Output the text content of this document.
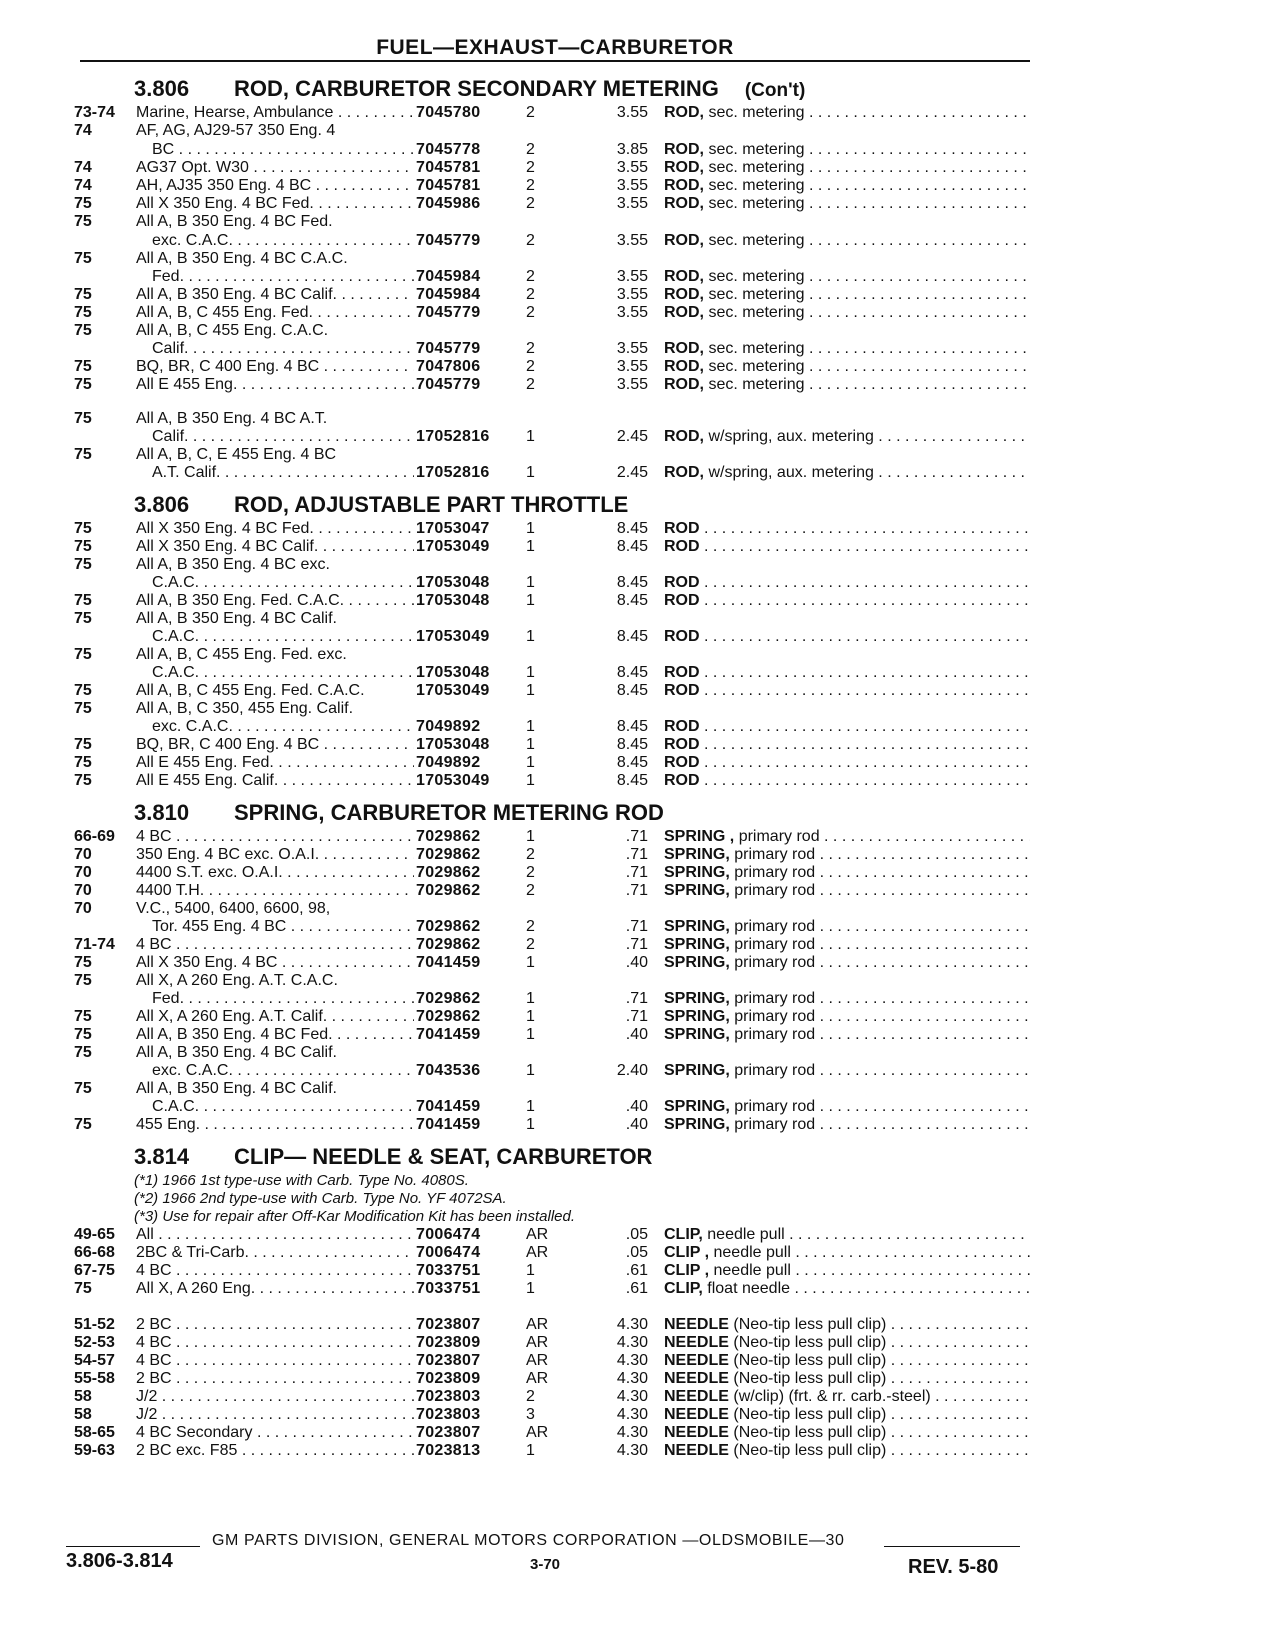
FUEL—EXHAUST—CARBURETOR
3.806 ROD, CARBURETOR SECONDARY METERING (Con't)
73-74 Marine, Hearse, Ambulance . . . . . .	7045780	2	3.55 ROD, sec. metering . . .
74	AF, AG, AJ29-57 350 Eng. 4
BC . . .	7045778	2	3.85 ROD, sec. metering . . .
74	AG37 Opt. W30 . . .	7045781	2	3.55 ROD, sec. metering . . .
74	AH, AJ35 350 Eng. 4 BC . . .	7045781	2	3.55 ROD, sec. metering . . .
75	All X 350 Eng. 4 BC Fed. . . .	7045986	2	3.55 ROD, sec. metering . . .
75	All A, B 350 Eng. 4 BC Fed.
exc. C.A.C. . . .	7045779	2	3.55 ROD, sec. metering . . .
75	All A, B 350 Eng. 4 BC C.A.C.
Fed. . . .	7045984	2	3.55 ROD, sec. metering . . .
75	All A, B 350 Eng. 4 BC Calif. . . . . .	7045984	2	3.55 ROD, sec. metering . . .
75	All A, B, C 455 Eng. Fed. . . .	7045779	2	3.55 ROD, sec. metering . . .
75	All A, B, C 455 Eng. C.A.C.
Calif. . . .	7045779	2	3.55 ROD, sec. metering . . .
75	BQ, BR, C 400 Eng. 4 BC . . .	7047806	2	3.55 ROD, sec. metering . . .
75	All E 455 Eng. . . .	7045779	2	3.55 ROD, sec. metering . . .
75	All A, B 350 Eng. 4 BC A.T.
Calif. . . .	17052816 1	2.45 ROD, w/spring, aux. metering . . .
75	All A, B, C, E 455 Eng. 4 BC
A.T. Calif. . . .	17052816 1	2.45 ROD, w/spring, aux. metering . . .
3.806 ROD, ADJUSTABLE PART THROTTLE
75	All X 350 Eng. 4 BC Fed. . . .	17053047 1	8.45 ROD . . .
75	All X 350 Eng. 4 BC Calif. . . .	17053049 1	8.45 ROD . . .
75	All A, B 350 Eng. 4 BC exc.
C.A.C. . . .	17053048 1	8.45 ROD . . .
75	All A, B 350 Eng. Fed. C.A.C. . . . . .	17053048 1	8.45 ROD . . .
75	All A, B 350 Eng. 4 BC Calif.
C.A.C. . . .	17053049 1	8.45 ROD . . .
75	All A, B, C 455 Eng. Fed. exc.
C.A.C. . . .	17053048 1	8.45 ROD . . .
75	All A, B, C 455 Eng. Fed. C.A.C.	17053049 1	8.45 ROD . . .
75	All A, B, C 350, 455 Eng. Calif.
exc. C.A.C. . . .	7049892	1	8.45 ROD . . .
75	BQ, BR, C 400 Eng. 4 BC . . .	17053048 1	8.45 ROD . . .
75	All E 455 Eng. Fed. . . .	7049892	1	8.45 ROD . . .
75	All E 455 Eng. Calif. . . .	17053049 1	8.45 ROD . . .
3.810 SPRING, CARBURETOR METERING ROD
66-69 4 BC . . .	7029862	1	.71 SPRING , primary rod . . .
70	350 Eng. 4 BC exc. O.A.I. . . .	7029862	2	.71 SPRING, primary rod . . .
70	4400 S.T. exc. O.A.I. . . .	7029862	2	.71 SPRING, primary rod . . .
70	4400 T.H. . . .	7029862	2	.71 SPRING, primary rod . . .
70	V.C., 5400, 6400, 6600, 98,
Tor. 455 Eng. 4 BC . . .	7029862	2	.71 SPRING, primary rod . . .
71-74 4 BC . . .	7029862	2	.71 SPRING, primary rod . . .
75	All X 350 Eng. 4 BC . . .	7041459	1	.40 SPRING, primary rod . . .
75	All X, A 260 Eng. A.T. C.A.C.
Fed. . . .	7029862	1	.71 SPRING, primary rod . . .
75	All X, A 260 Eng. A.T. Calif. . . . . . .	7029862	1	.71 SPRING, primary rod . . .
75	All A, B 350 Eng. 4 BC Fed. . . . . . .	7041459	1	.40 SPRING, primary rod . . .
75	All A, B 350 Eng. 4 BC Calif.
exc. C.A.C. . . .	7043536	1	2.40 SPRING, primary rod . . .
75	All A, B 350 Eng. 4 BC Calif.
C.A.C. . . .	7041459	1	.40 SPRING, primary rod . . .
75	455 Eng. . . .	7041459	1	.40 SPRING, primary rod . . .
3.814 CLIP— NEEDLE & SEAT, CARBURETOR
(*1) 1966 1st type-use with Carb. Type No. 4080S.
(*2) 1966 2nd type-use with Carb. Type No. YF 4072SA.
(*3) Use for repair after Off-Kar Modification Kit has been installed.
49-65 All . . .	7006474	AR	.05 CLIP, needle pull . . .
66-68 2BC & Tri-Carb. . . .	7006474	AR	.05 CLIP , needle pull . . .
67-75 4 BC . . .	7033751	1	.61 CLIP , needle pull . . .
75	All X, A 260 Eng. . . .	7033751	1	.61 CLIP, float needle . . .
51-52 2 BC . . .	7023807	AR	4.30 NEEDLE (Neo-tip less pull clip) . . .
52-53 4 BC . . .	7023809	AR	4.30 NEEDLE (Neo-tip less pull clip) . . .
54-57 4 BC . . .	7023807	AR	4.30 NEEDLE (Neo-tip less pull clip) . . .
55-58 2 BC . . .	7023809	AR	4.30 NEEDLE (Neo-tip less pull clip) . . .
58	J/2 . . .	7023803	2	4.30 NEEDLE (w/clip) (frt. & rr. carb.-steel) . . .
58	J/2 . . .	7023803	3	4.30 NEEDLE (Neo-tip less pull clip) . . .
58-65 4 BC Secondary . . .	7023807	AR	4.30 NEEDLE (Neo-tip less pull clip) . . .
59-63 2 BC exc. F85 . . .	7023813	1	4.30 NEEDLE (Neo-tip less pull clip) . . .
GM PARTS DIVISION, GENERAL MOTORS CORPORATION —OLDSMOBILE—30
3.806-3.814	3-70	REV. 5-80
